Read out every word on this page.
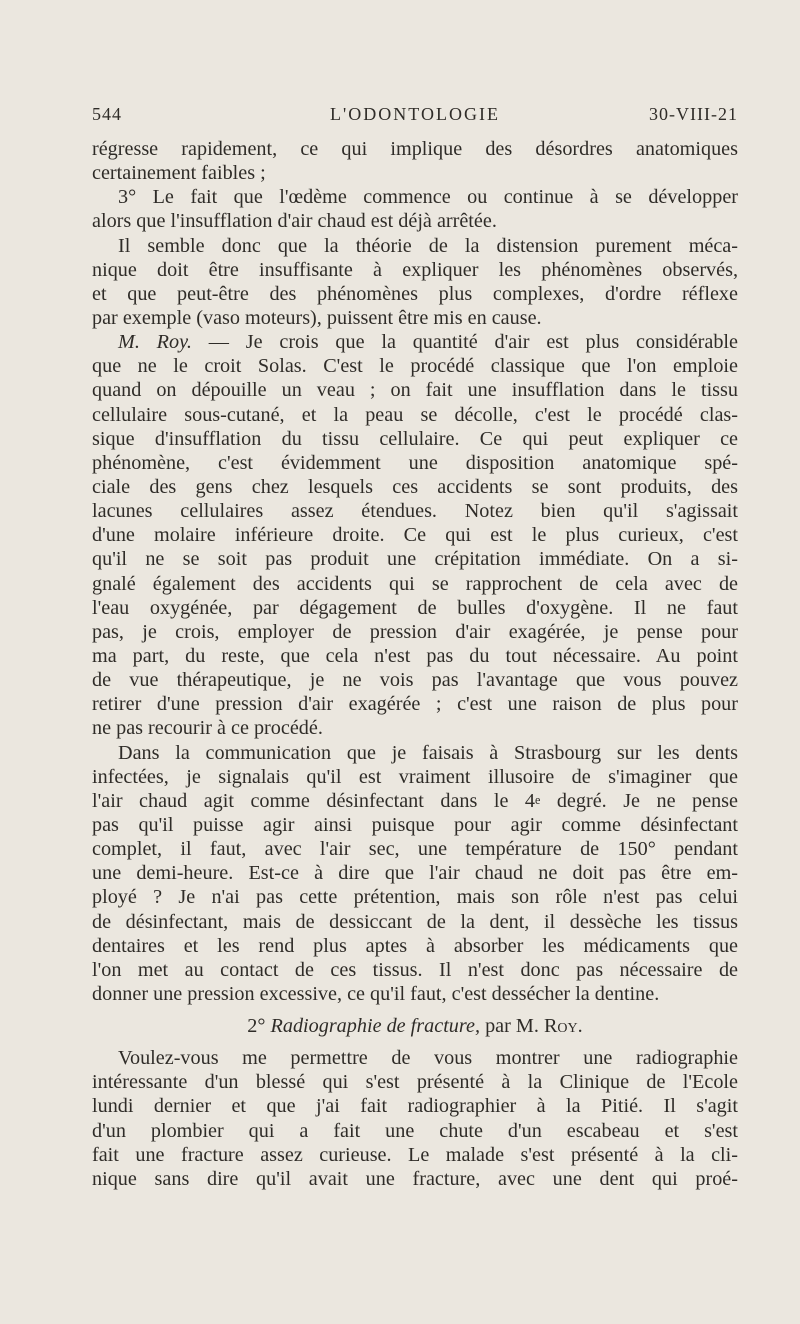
544	L'ODONTOLOGIE	30-VIII-21
régresse rapidement, ce qui implique des désordres anatomiques
certainement faibles ;
3° Le fait que l'œdème commence ou continue à se développer
alors que l'insufflation d'air chaud est déjà arrêtée.
Il semble donc que la théorie de la distension purement méca-
nique doit être insuffisante à expliquer les phénomènes observés,
et que peut-être des phénomènes plus complexes, d'ordre réflexe
par exemple (vaso moteurs), puissent être mis en cause.
M. Roy. — Je crois que la quantité d'air est plus considérable
que ne le croit Solas. C'est le procédé classique que l'on emploie
quand on dépouille un veau ; on fait une insufflation dans le tissu
cellulaire sous-cutané, et la peau se décolle, c'est le procédé clas-
sique d'insufflation du tissu cellulaire. Ce qui peut expliquer ce
phénomène, c'est évidemment une disposition anatomique spé-
ciale des gens chez lesquels ces accidents se sont produits, des
lacunes cellulaires assez étendues. Notez bien qu'il s'agissait
d'une molaire inférieure droite. Ce qui est le plus curieux, c'est
qu'il ne se soit pas produit une crépitation immédiate. On a si-
gnalé également des accidents qui se rapprochent de cela avec de
l'eau oxygénée, par dégagement de bulles d'oxygène. Il ne faut
pas, je crois, employer de pression d'air exagérée, je pense pour
ma part, du reste, que cela n'est pas du tout nécessaire. Au point
de vue thérapeutique, je ne vois pas l'avantage que vous pouvez
retirer d'une pression d'air exagérée ; c'est une raison de plus pour
ne pas recourir à ce procédé.
Dans la communication que je faisais à Strasbourg sur les dents
infectées, je signalais qu'il est vraiment illusoire de s'imaginer que
l'air chaud agit comme désinfectant dans le 4e degré. Je ne pense
pas qu'il puisse agir ainsi puisque pour agir comme désinfectant
complet, il faut, avec l'air sec, une température de 150° pendant
une demi-heure. Est-ce à dire que l'air chaud ne doit pas être em-
ployé ? Je n'ai pas cette prétention, mais son rôle n'est pas celui
de désinfectant, mais de dessiccant de la dent, il dessèche les tissus
dentaires et les rend plus aptes à absorber les médicaments que
l'on met au contact de ces tissus. Il n'est donc pas nécessaire de
donner une pression excessive, ce qu'il faut, c'est dessécher la dentine.
2° Radiographie de fracture, par M. Roy.
Voulez-vous me permettre de vous montrer une radiographie
intéressante d'un blessé qui s'est présenté à la Clinique de l'Ecole
lundi dernier et que j'ai fait radiographier à la Pitié. Il s'agit
d'un plombier qui a fait une chute d'un escabeau et s'est
fait une fracture assez curieuse. Le malade s'est présenté à la cli-
nique sans dire qu'il avait une fracture, avec une dent qui proé-
